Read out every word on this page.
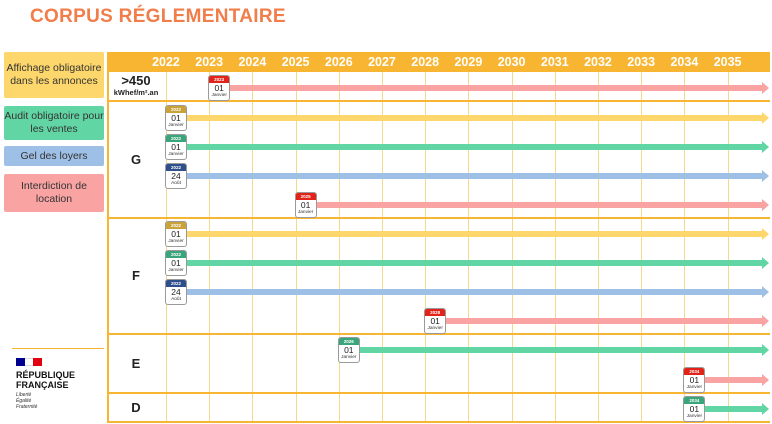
CORPUS RÉGLEMENTAIRE
Affichage obligatoire dans les annonces
Audit obligatoire pour les ventes
Gel des loyers
Interdiction de location
2022	2023	2024	2025	2026	2027	2028	2029	2030	2031	2032	2033	2034	2035
>450
kWhef/m².an
G
F
E
D
2023
01
Janvier
2022
01
Janvier
2022
01
Janvier
2022
24
Août
2025
01
Janvier
2022
01
Janvier
2022
01
Janvier
2022
24
Août
2028
01
Janvier
2026
01
Janvier
2034
01
Janvier
2034
01
Janvier
RÉPUBLIQUE
FRANÇAISE
Liberté
Égalité
Fraternité
